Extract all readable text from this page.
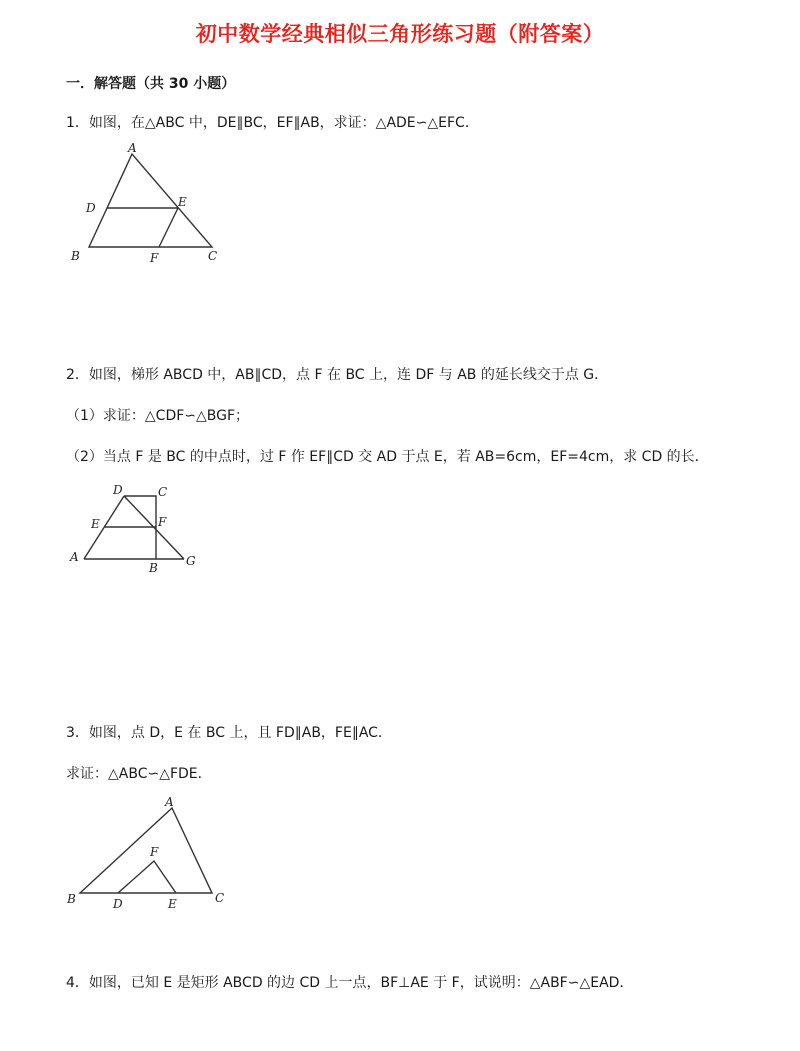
初中数学经典相似三角形练习题（附答案）
一．解答题（共 30 小题）
1．如图，在△ABC 中，DE∥BC，EF∥AB，求证：△ADE∽△EFC．
A
D	E
B	F	C
2．如图，梯形 ABCD 中，AB∥CD，点 F 在 BC 上，连 DF 与 AB 的延长线交于点 G．
（1）求证：△CDF∽△BGF；
（2）当点 F 是 BC 的中点时，过 F 作 EF∥CD 交 AD 于点 E，若 AB=6cm，EF=4cm，求 CD 的长．
D	C
E	F
A
B G
3．如图，点 D，E 在 BC 上，且 FD∥AB，FE∥AC．
求证：△ABC∽△FDE．
A
F
B	D	E	C
4．如图，已知 E 是矩形 ABCD 的边 CD 上一点，BF⊥AE 于 F，试说明：△ABF∽△EAD．
